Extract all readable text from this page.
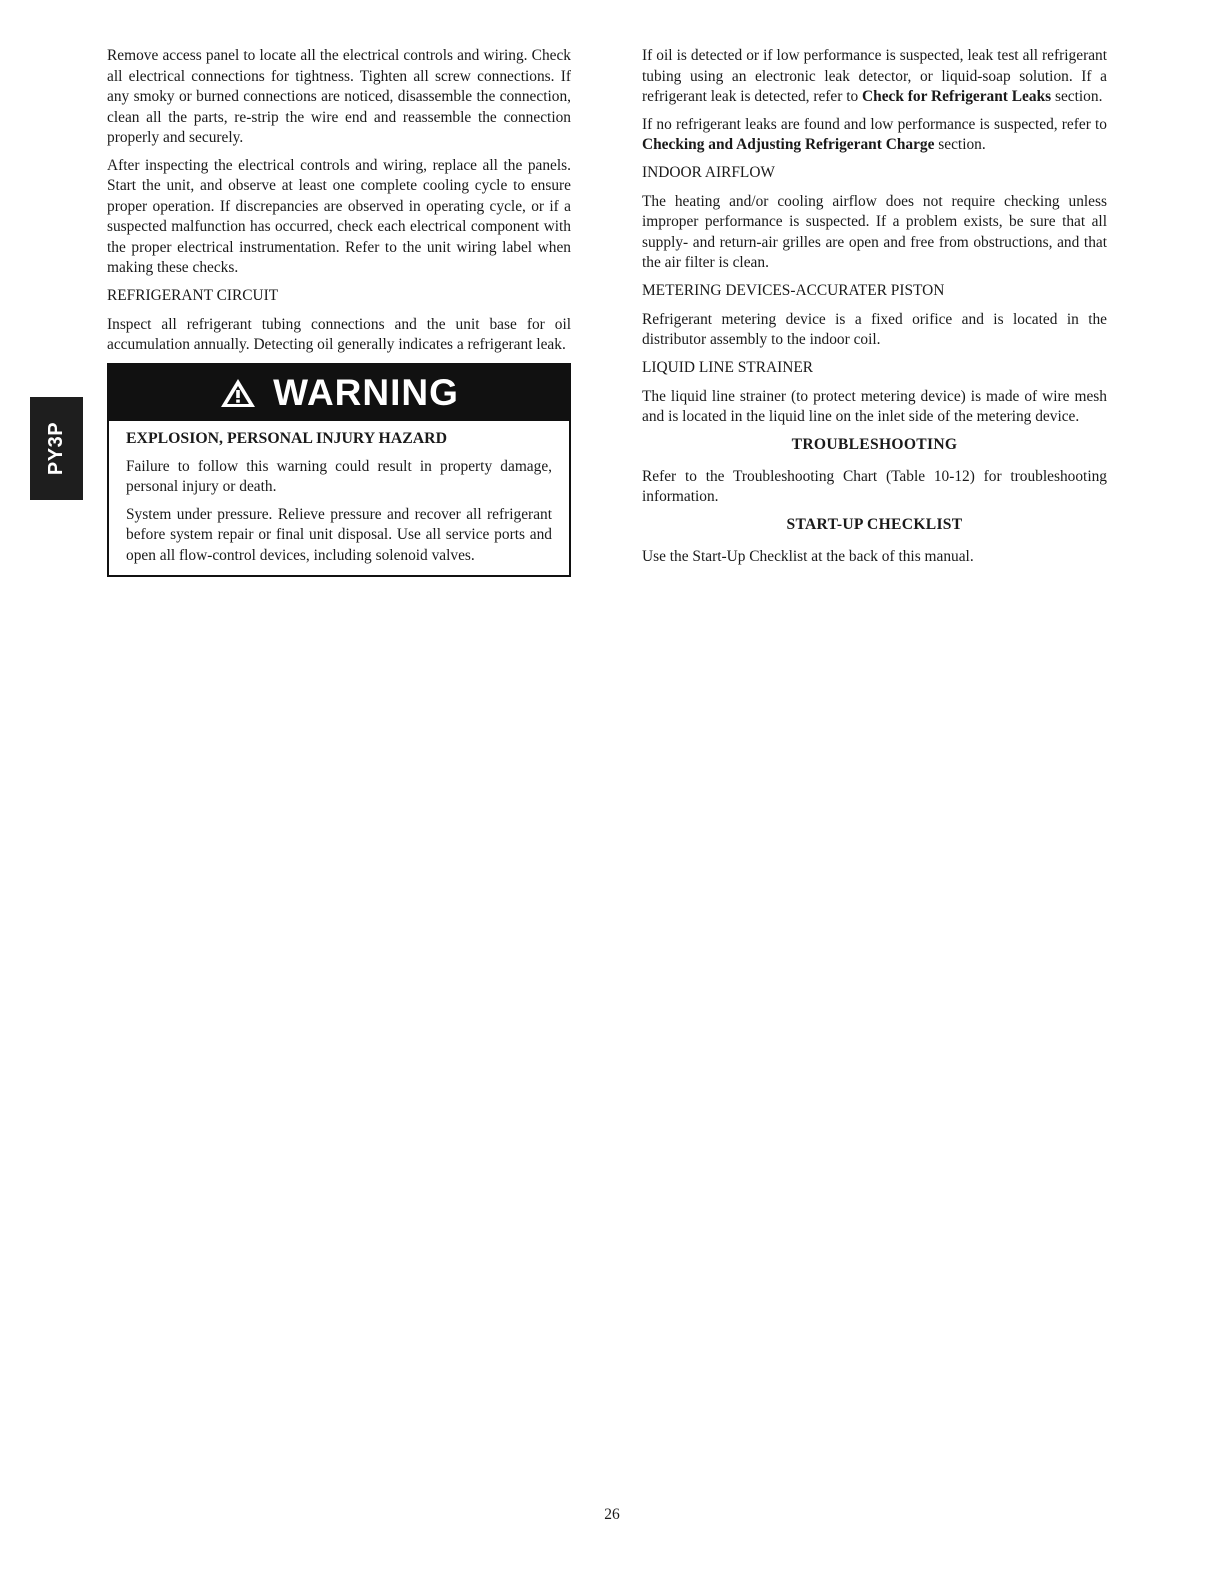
PY3P

Remove access panel to locate all the electrical controls and wiring. Check all electrical connections for tightness. Tighten all screw connections. If any smoky or burned connections are noticed, disassemble the connection, clean all the parts, re-strip the wire end and reassemble the connection properly and securely.

After inspecting the electrical controls and wiring, replace all the panels. Start the unit, and observe at least one complete cooling cycle to ensure proper operation. If discrepancies are observed in operating cycle, or if a suspected malfunction has occurred, check each electrical component with the proper electrical instrumentation. Refer to the unit wiring label when making these checks.

REFRIGERANT CIRCUIT

Inspect all refrigerant tubing connections and the unit base for oil accumulation annually. Detecting oil generally indicates a refrigerant leak.

WARNING
EXPLOSION, PERSONAL INJURY HAZARD

Failure to follow this warning could result in property damage, personal injury or death.

System under pressure. Relieve pressure and recover all refrigerant before system repair or final unit disposal. Use all service ports and open all flow-control devices, including solenoid valves.

If oil is detected or if low performance is suspected, leak test all refrigerant tubing using an electronic leak detector, or liquid-soap solution. If a refrigerant leak is detected, refer to Check for Refrigerant Leaks section.

If no refrigerant leaks are found and low performance is suspected, refer to Checking and Adjusting Refrigerant Charge section.

INDOOR AIRFLOW

The heating and/or cooling airflow does not require checking unless improper performance is suspected. If a problem exists, be sure that all supply- and return-air grilles are open and free from obstructions, and that the air filter is clean.

METERING DEVICES-ACCURATER PISTON

Refrigerant metering device is a fixed orifice and is located in the distributor assembly to the indoor coil.

LIQUID LINE STRAINER

The liquid line strainer (to protect metering device) is made of wire mesh and is located in the liquid line on the inlet side of the metering device.

TROUBLESHOOTING

Refer to the Troubleshooting Chart (Table 10-12) for troubleshooting information.

START-UP CHECKLIST

Use the Start-Up Checklist at the back of this manual.

26
